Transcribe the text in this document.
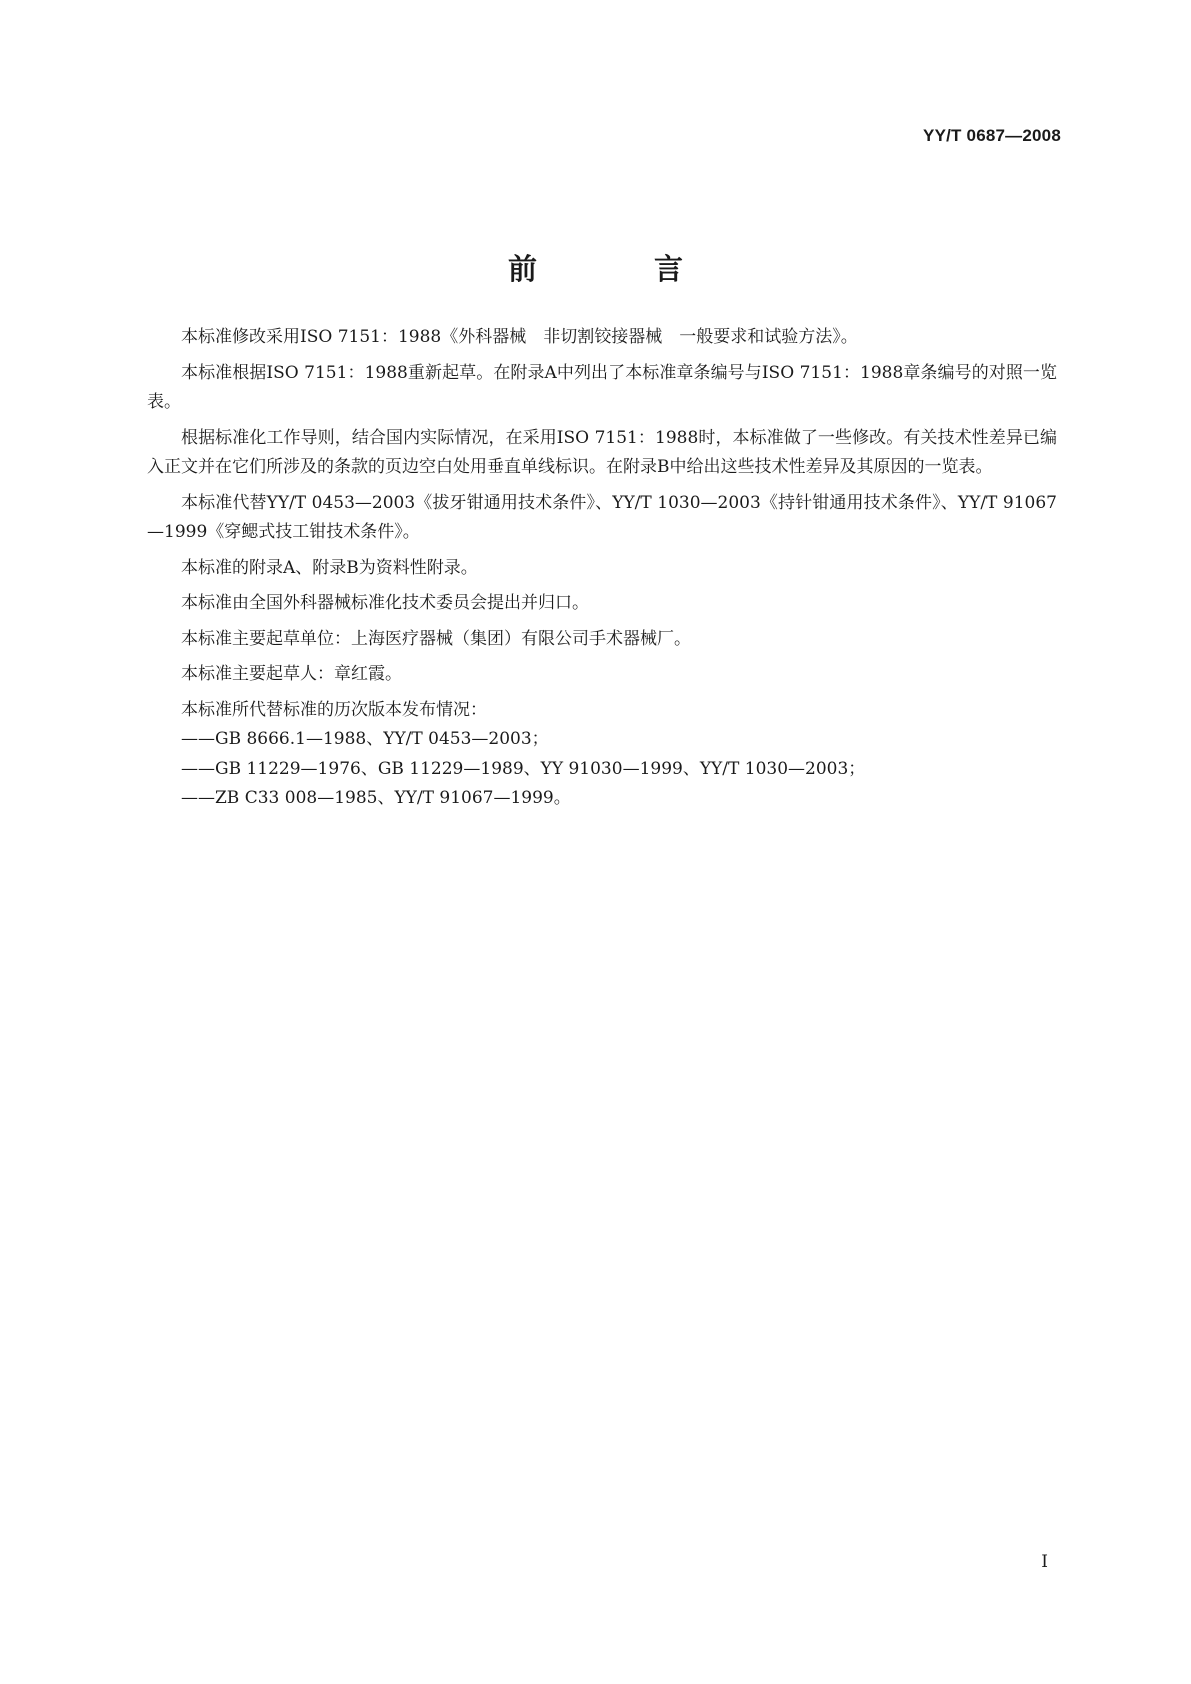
YY/T 0687—2008
前　言

本标准修改采用ISO 7151：1988《外科器械　非切割铰接器械　一般要求和试验方法》。

本标准根据ISO 7151：1988重新起草。在附录A中列出了本标准章条编号与ISO 7151：1988章条编号的对照一览表。

根据标准化工作导则，结合国内实际情况，在采用ISO 7151：1988时，本标准做了一些修改。有关技术性差异已编入正文并在它们所涉及的条款的页边空白处用垂直单线标识。在附录B中给出这些技术性差异及其原因的一览表。

本标准代替YY/T 0453—2003《拔牙钳通用技术条件》、YY/T 1030—2003《持针钳通用技术条件》、YY/T 91067—1999《穿鳃式技工钳技术条件》。

本标准的附录A、附录B为资料性附录。

本标准由全国外科器械标准化技术委员会提出并归口。

本标准主要起草单位：上海医疗器械（集团）有限公司手术器械厂。

本标准主要起草人：章红霞。

本标准所代替标准的历次版本发布情况：

——GB 8666.1—1988、YY/T 0453—2003；

——GB 11229—1976、GB 11229—1989、YY 91030—1999、YY/T 1030—2003；

——ZB C33 008—1985、YY/T 91067—1999。

I
